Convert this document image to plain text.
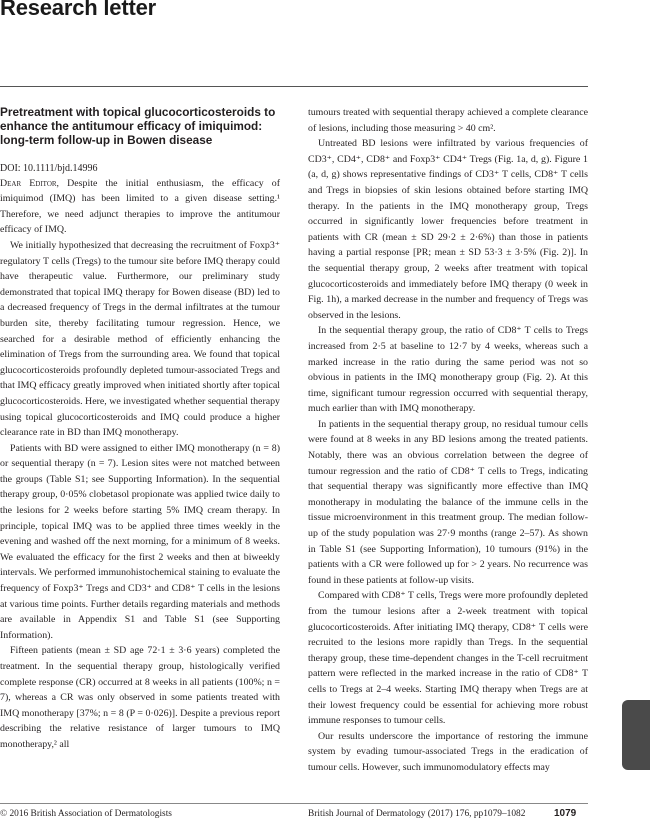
Research letter
Pretreatment with topical glucocorticosteroids to enhance the antitumour efficacy of imiquimod: long-term follow-up in Bowen disease

DOI: 10.1111/bjd.14996

Dear Editor, Despite the initial enthusiasm, the efficacy of imiquimod (IMQ) has been limited to a given disease setting.¹ Therefore, we need adjunct therapies to improve the antitumour efficacy of IMQ.

We initially hypothesized that decreasing the recruitment of Foxp3⁺ regulatory T cells (Tregs) to the tumour site before IMQ therapy could have therapeutic value. Furthermore, our preliminary study demonstrated that topical IMQ therapy for Bowen disease (BD) led to a decreased frequency of Tregs in the dermal infiltrates at the tumour burden site, thereby facilitating tumour regression. Hence, we searched for a desirable method of efficiently enhancing the elimination of Tregs from the surrounding area. We found that topical glucocorticosteroids profoundly depleted tumour-associated Tregs and that IMQ efficacy greatly improved when initiated shortly after topical glucocorticosteroids. Here, we investigated whether sequential therapy using topical glucocorticosteroids and IMQ could produce a higher clearance rate in BD than IMQ monotherapy.

Patients with BD were assigned to either IMQ monotherapy (n = 8) or sequential therapy (n = 7). Lesion sites were not matched between the groups (Table S1; see Supporting Information). In the sequential therapy group, 0·05% clobetasol propionate was applied twice daily to the lesions for 2 weeks before starting 5% IMQ cream therapy. In principle, topical IMQ was to be applied three times weekly in the evening and washed off the next morning, for a minimum of 8 weeks. We evaluated the efficacy for the first 2 weeks and then at biweekly intervals. We performed immunohistochemical staining to evaluate the frequency of Foxp3⁺ Tregs and CD3⁺ and CD8⁺ T cells in the lesions at various time points. Further details regarding materials and methods are available in Appendix S1 and Table S1 (see Supporting Information).

Fifteen patients (mean ± SD age 72·1 ± 3·6 years) completed the treatment. In the sequential therapy group, histologically verified complete response (CR) occurred at 8 weeks in all patients (100%; n = 7), whereas a CR was only observed in some patients treated with IMQ monotherapy [37%; n = 8 (P = 0·026)]. Despite a previous report describing the relative resistance of larger tumours to IMQ monotherapy,² all

tumours treated with sequential therapy achieved a complete clearance of lesions, including those measuring > 40 cm².

Untreated BD lesions were infiltrated by various frequencies of CD3⁺, CD4⁺, CD8⁺ and Foxp3⁺ CD4⁺ Tregs (Fig. 1a, d, g). Figure 1 (a, d, g) shows representative findings of CD3⁺ T cells, CD8⁺ T cells and Tregs in biopsies of skin lesions obtained before starting IMQ therapy. In the patients in the IMQ monotherapy group, Tregs occurred in significantly lower frequencies before treatment in patients with CR (mean ± SD 29·2 ± 2·6%) than those in patients having a partial response [PR; mean ± SD 53·3 ± 3·5% (Fig. 2)]. In the sequential therapy group, 2 weeks after treatment with topical glucocorticosteroids and immediately before IMQ therapy (0 week in Fig. 1h), a marked decrease in the number and frequency of Tregs was observed in the lesions.

In the sequential therapy group, the ratio of CD8⁺ T cells to Tregs increased from 2·5 at baseline to 12·7 by 4 weeks, whereas such a marked increase in the ratio during the same period was not so obvious in patients in the IMQ monotherapy group (Fig. 2). At this time, significant tumour regression occurred with sequential therapy, much earlier than with IMQ monotherapy.

In patients in the sequential therapy group, no residual tumour cells were found at 8 weeks in any BD lesions among the treated patients. Notably, there was an obvious correlation between the degree of tumour regression and the ratio of CD8⁺ T cells to Tregs, indicating that sequential therapy was significantly more effective than IMQ monotherapy in modulating the balance of the immune cells in the tissue microenvironment in this treatment group. The median follow-up of the study population was 27·9 months (range 2–57). As shown in Table S1 (see Supporting Information), 10 tumours (91%) in the patients with a CR were followed up for > 2 years. No recurrence was found in these patients at follow-up visits.

Compared with CD8⁺ T cells, Tregs were more profoundly depleted from the tumour lesions after a 2-week treatment with topical glucocorticosteroids. After initiating IMQ therapy, CD8⁺ T cells were recruited to the lesions more rapidly than Tregs. In the sequential therapy group, these time-dependent changes in the T-cell recruitment pattern were reflected in the marked increase in the ratio of CD8⁺ T cells to Tregs at 2–4 weeks. Starting IMQ therapy when Tregs are at their lowest frequency could be essential for achieving more robust immune responses to tumour cells.

Our results underscore the importance of restoring the immune system by evading tumour-associated Tregs in the eradication of tumour cells. However, such immunomodulatory effects may

© 2016 British Association of Dermatologists	British Journal of Dermatology (2017) 176, pp1079–1082	1079
